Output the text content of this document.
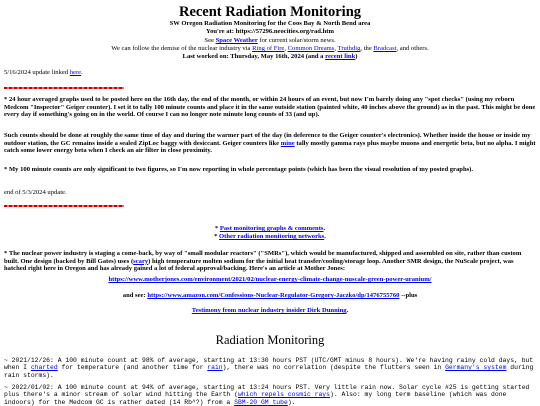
Recent Radiation Monitoring
SW Oregon Radiation Monitoring for the Coos Bay & North Bend area
You're at: https://57296.neocities.org/rad.htm
See Space Weather for current solar/storm news.
We can follow the demise of the nuclear industry via Ring of Fire, Common Dreams, Truthdig, the Bradcast, and others.
Last worked on: Thursday, May 16th, 2024 (and a recent link)
5/16/2024 update linked here.
* 24 hour averaged graphs used to be posted here on the 16th day, the end of the month, or within 24 hours of an event, but now I'm barely doing any "spot checks" (using my reborn Medcom "Inspector" Geiger counter). I set it to tally 100 minute counts and place it in the same outside station (painted white, 40 inches above the ground) as in the past. This might be done every day if something's going on in the world. Of course I can no longer note minute long counts of 33 (and up).
Such counts should be done at roughly the same time of day and during the warmer part of the day (in deference to the Geiger counter's electronics). Whether inside the house or inside my outdoor station, the GC remains inside a sealed ZipLoc baggy with desiccant. Geiger counters like mine tally mostly gamma rays plus maybe muons and energetic beta, but no alpha. I might catch some lower energy beta when I check an air filter in close proximity.
* My 100 minute counts are only significant to two figures, so I'm now reporting in whole percentage points (which has been the visual resolution of my posted graphs).
end of 5/3/2024 update.
* Past monitoring graphs & comments.
* Other radiation monitoring networks.
* The nuclear power industry is staging a come-back, by way of "small modular reactors" ("SMRs"), which would be manufactured, shipped and assembled on site, rather than custom built. One design (backed by Bill Gates) uses (scary) high temperature molten sodium for the initial heat transfer/cooling/storage loop. Another SMR design, the NuScale project, was hatched right here in Oregon and has already gained a lot of federal approval/backing. Here's an article at Mother Jones:
https://www.motherjones.com/environment/2021/02/nuclear-energy-climate-change-nuscale-green-power-uranium/
and see: https://www.amazon.com/Confessions-Nuclear-Regulator-Gregory-Jaczko/dp/1476755760 --plus
Testimony from nuclear industry insider Dirk Dunning.
Radiation Monitoring
~ 2021/12/26: A 100 minute count at 98% of average, starting at 13:30 hours PST (UTC/GMT minus 8 hours). We're having rainy cold days, but when I charted for temperature (and another time for rain), there was no correlation (despite the flutters seen in Germany's system during rain storms).
~ 2022/01/02: A 100 minute count at 94% of average, starting at 13:24 hours PST. Very little rain now. Solar cycle #25 is getting started plus there's a minor stream of solar wind hitting the Earth (which repels cosmic rays). Also: my long term baseline (which was done indoors) for the Medcom GC is rather dated (14 Rb^?) from a SBM-20 GM tube).
